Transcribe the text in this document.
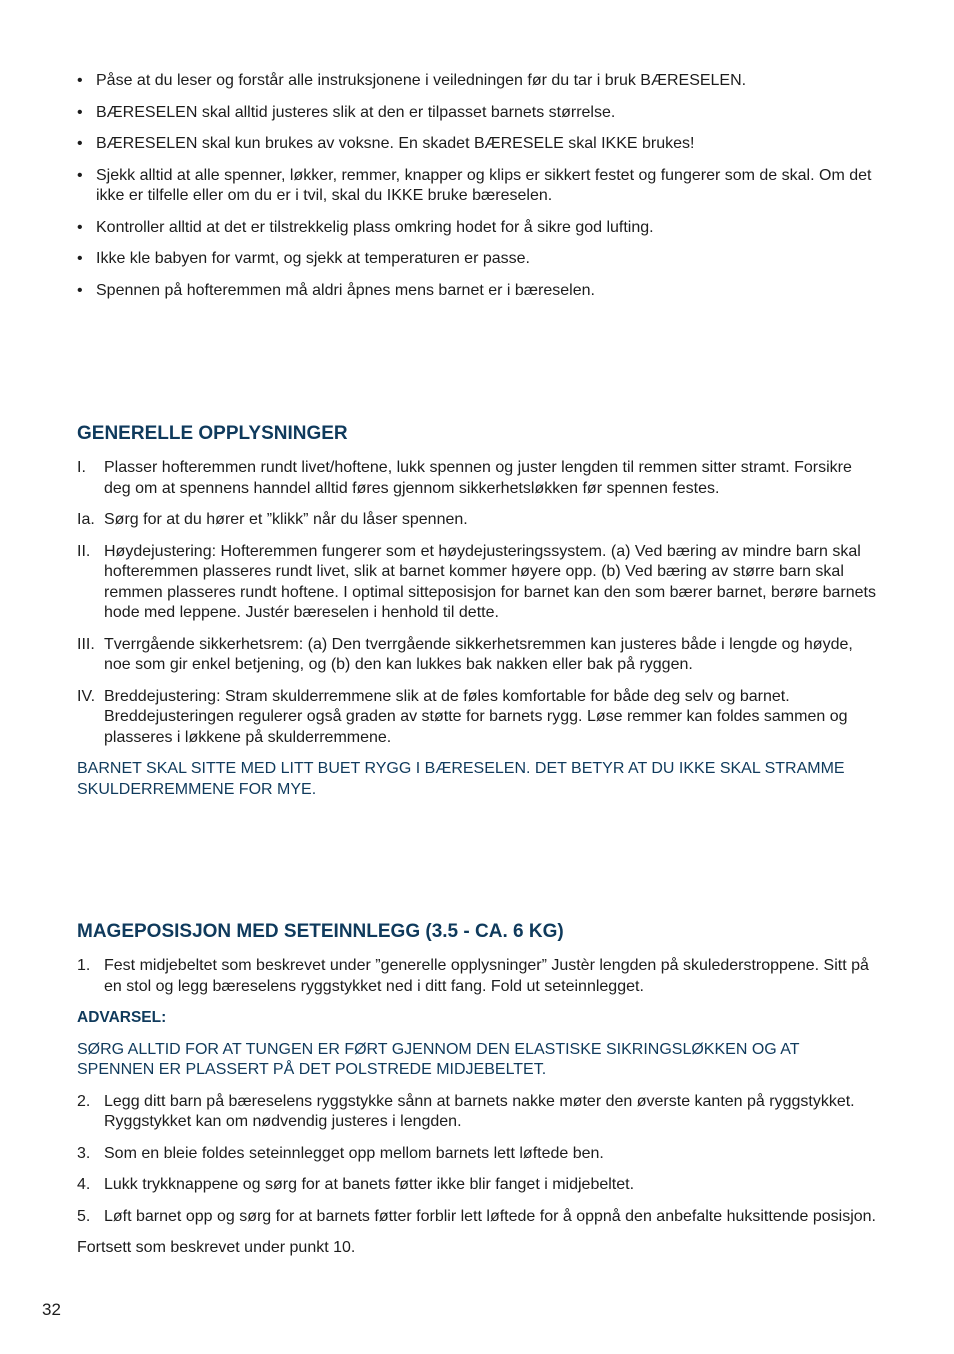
• Påse at du leser og forstår alle instruksjonene i veiledningen før du tar i bruk BÆRESELEN.
• BÆRESELEN skal alltid justeres slik at den er tilpasset barnets størrelse.
• BÆRESELEN skal kun brukes av voksne. En skadet BÆRESELE skal IKKE brukes!
• Sjekk alltid at alle spenner, løkker, remmer, knapper og klips er sikkert festet og fungerer som de skal. Om det ikke er tilfelle eller om du er i tvil, skal du IKKE bruke bæreselen.
• Kontroller alltid at det er tilstrekkelig plass omkring hodet for å sikre god lufting.
• Ikke kle babyen for varmt, og sjekk at temperaturen er passe.
• Spennen på hofteremmen må aldri åpnes mens barnet er i bæreselen.
GENERELLE OPPLYSNINGER
I. Plasser hofteremmen rundt livet/hoftene, lukk spennen og juster lengden til remmen sitter stramt. Forsikre deg om at spennens hanndel alltid føres gjennom sikkerhetsløkken før spennen festes.
Ia. Sørg for at du hører et ”klikk” når du låser spennen.
II. Høydejustering: Hofteremmen fungerer som et høydejusteringssystem. (a) Ved bæring av mindre barn skal hofteremmen plasseres rundt livet, slik at barnet kommer høyere opp. (b) Ved bæring av større barn skal remmen plasseres rundt hoftene. I optimal sitteposisjon for barnet kan den som bærer barnet, berøre barnets hode med leppene. Justér bæreselen i henhold til dette.
III. Tverrgående sikkerhetsrem: (a) Den tverrgående sikkerhetsremmen kan justeres både i lengde og høyde, noe som gir enkel betjening, og (b) den kan lukkes bak nakken eller bak på ryggen.
IV. Breddejustering: Stram skulderremmene slik at de føles komfortable for både deg selv og barnet. Breddejusteringen regulerer også graden av støtte for barnets rygg. Løse remmer kan foldes sammen og plasseres i løkkene på skulderremmene.

BARNET SKAL SITTE MED LITT BUET RYGG I BÆRESELEN. DET BETYR AT DU IKKE SKAL STRAMME SKULDERREMMENE FOR MYE.

MAGEPOSISJON MED SETEINNLEGG (3.5 - CA. 6 KG)
1. Fest midjebeltet som beskrevet under ”generelle opplysninger” Justèr lengden på skulederstroppene. Sitt på en stol og legg bæreselens ryggstykket ned i ditt fang. Fold ut seteinnlegget.

ADVARSEL:

SØRG ALLTID FOR AT TUNGEN ER FØRT GJENNOM DEN ELASTISKE SIKRINGSLØKKEN OG AT SPENNEN ER PLASSERT PÅ DET POLSTREDE MIDJEBELTET.

2. Legg ditt barn på bæreselens ryggstykke sånn at barnets nakke møter den øverste kanten på ryggstykket. Ryggstykket kan om nødvendig justeres i lengden.
3. Som en bleie foldes seteinnlegget opp mellom barnets lett løftede ben.
4. Lukk trykknappene og sørg for at banets føtter ikke blir fanget i midjebeltet.
5. Løft barnet opp og sørg for at barnets føtter forblir lett løftede for å oppnå den anbefalte huksittende posisjon.

Fortsett som beskrevet under punkt 10.

32
